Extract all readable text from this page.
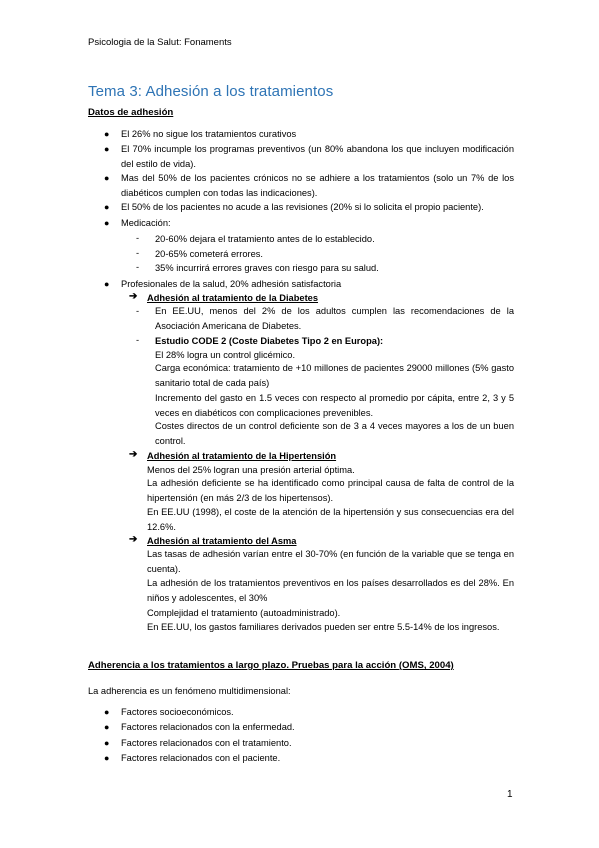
Psicologia de la Salut: Fonaments
Tema 3: Adhesión a los tratamientos
Datos de adhesión
● El 26% no sigue los tratamientos curativos
● El 70% incumple los programas preventivos (un 80% abandona los que incluyen modificación del estilo de vida).
● Mas del 50% de los pacientes crónicos no se adhiere a los tratamientos (solo un 7% de los diabéticos cumplen con todas las indicaciones).
● El 50% de los pacientes no acude a las revisiones (20% si lo solicita el propio paciente).
● Medicación:
- 20-60% dejara el tratamiento antes de lo establecido.
- 20-65% cometerá errores.
- 35% incurrirá errores graves con riesgo para su salud.
● Profesionales de la salud, 20% adhesión satisfactoria
➔ Adhesión al tratamiento de la Diabetes
- En EE.UU, menos del 2% de los adultos cumplen las recomendaciones de la Asociación Americana de Diabetes.
- Estudio CODE 2 (Coste Diabetes Tipo 2 en Europa):
El 28% logra un control glicémico.
Carga económica: tratamiento de +10 millones de pacientes 29000 millones (5% gasto sanitario total de cada país)
Incremento del gasto en 1.5 veces con respecto al promedio por cápita, entre 2, 3 y 5 veces en diabéticos con complicaciones prevenibles.
Costes directos de un control deficiente son de 3 a 4 veces mayores a los de un buen control.
➔ Adhesión al tratamiento de la Hipertensión
Menos del 25% logran una presión arterial óptima.
La adhesión deficiente se ha identificado como principal causa de falta de control de la hipertensión (en más 2/3 de los hipertensos).
En EE.UU (1998), el coste de la atención de la hipertensión y sus consecuencias era del 12.6%.
➔ Adhesión al tratamiento del Asma
Las tasas de adhesión varían entre el 30-70% (en función de la variable que se tenga en cuenta).
La adhesión de los tratamientos preventivos en los países desarrollados es del 28%. En niños y adolescentes, el 30%
Complejidad el tratamiento (autoadministrado).
En EE.UU, los gastos familiares derivados pueden ser entre 5.5-14% de los ingresos.
Adherencia a los tratamientos a largo plazo. Pruebas para la acción (OMS, 2004)
La adherencia es un fenómeno multidimensional:
● Factores socioeconómicos.
● Factores relacionados con la enfermedad.
● Factores relacionados con el tratamiento.
● Factores relacionados con el paciente.
1
